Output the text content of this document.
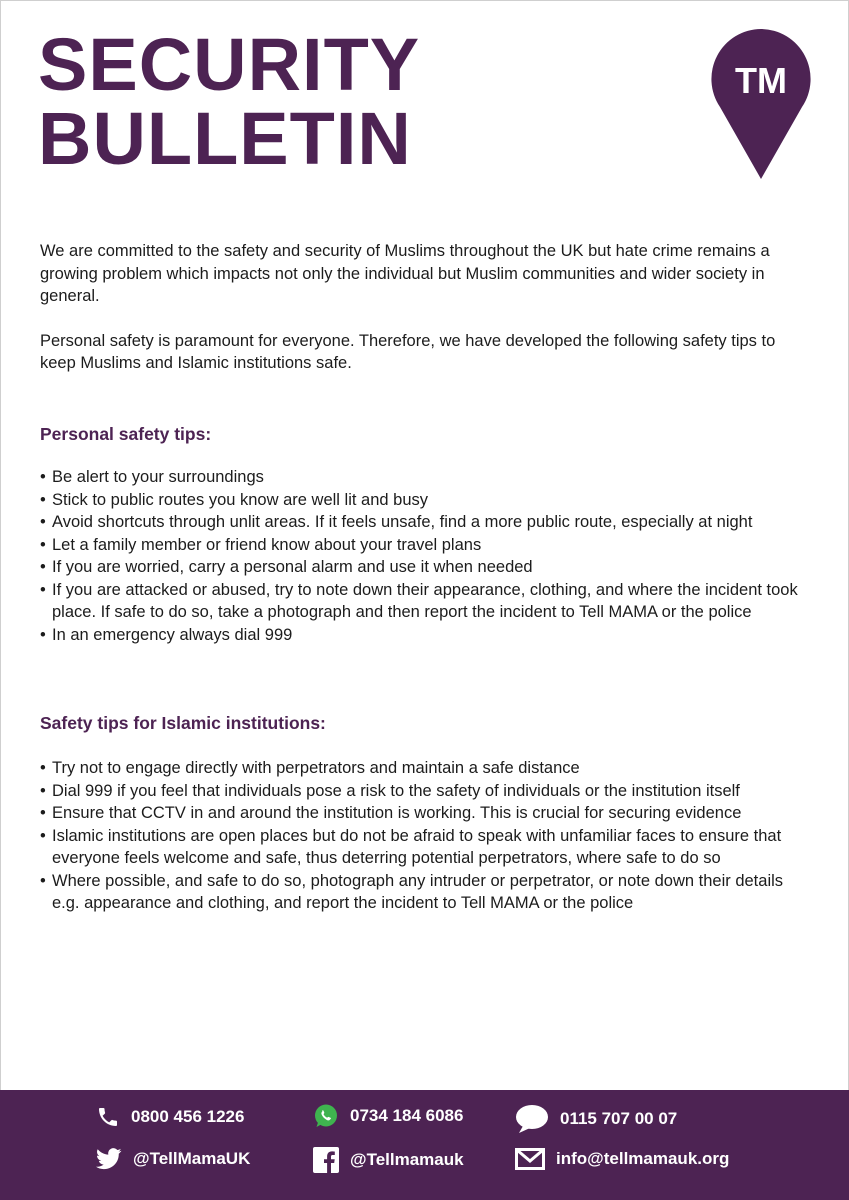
SECURITY
BULLETIN
TM

We are committed to the safety and security of Muslims throughout the UK but hate crime remains a growing problem which impacts not only the individual but Muslim communities and wider society in general.

Personal safety is paramount for everyone. Therefore, we have developed the following safety tips to keep Muslims and Islamic institutions safe.

Personal safety tips:
• Be alert to your surroundings
• Stick to public routes you know are well lit and busy
• Avoid shortcuts through unlit areas. If it feels unsafe, find a more public route, especially at night
• Let a family member or friend know about your travel plans
• If you are worried, carry a personal alarm and use it when needed
• If you are attacked or abused, try to note down their appearance, clothing, and where the incident took place. If safe to do so, take a photograph and then report the incident to Tell MAMA or the police
• In an emergency always dial 999
Safety tips for Islamic institutions:
• Try not to engage directly with perpetrators and maintain a safe distance
• Dial 999 if you feel that individuals pose a risk to the safety of individuals or the institution itself
• Ensure that CCTV in and around the institution is working. This is crucial for securing evidence
• Islamic institutions are open places but do not be afraid to speak with unfamiliar faces to ensure that everyone feels welcome and safe, thus deterring potential perpetrators, where safe to do so
• Where possible, and safe to do so, photograph any intruder or perpetrator, or note down their details e.g. appearance and clothing, and report the incident to Tell MAMA or the police
0800 456 1226	0734 184 6086	0115 707 00 07
@TellMamaUK	@Tellmamauk	info@tellmamauk.org
